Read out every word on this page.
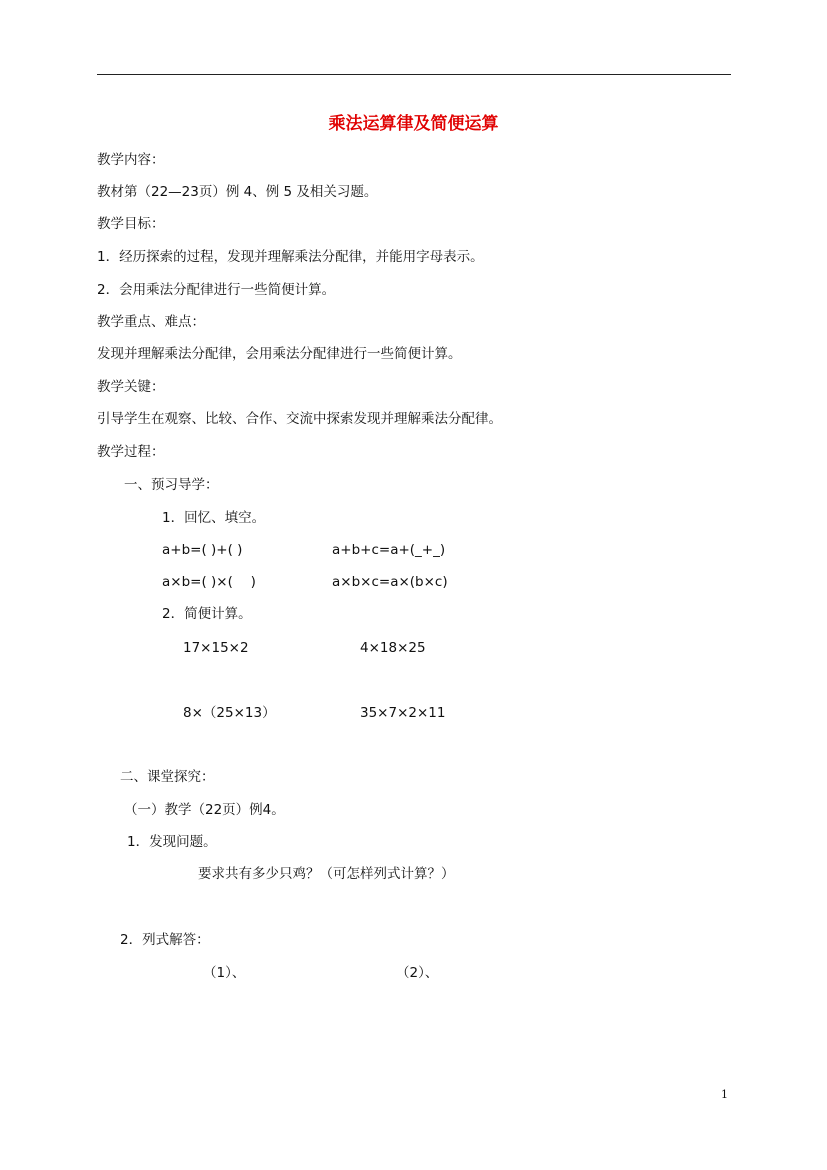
乘法运算律及简便运算
教学内容：
教材第（22—23页）例 4、例 5 及相关习题。
教学目标：
1．经历探索的过程，发现并理解乘法分配律，并能用字母表示。
2．会用乘法分配律进行一些简便计算。
教学重点、难点：
发现并理解乘法分配律，会用乘法分配律进行一些简便计算。
教学关键：
引导学生在观察、比较、合作、交流中探索发现并理解乘法分配律。
教学过程：
一、预习导学：
1．回忆、填空。
a+b=( )+( )	a+b+c=a+(_+_)
a×b=( )×(　 )	a×b×c=a×(b×c)
2．简便计算。
17×15×2	4×18×25
8×（25×13）	35×7×2×11
二、课堂探究：
（一）教学（22页）例4。
1．发现问题。
要求共有多少只鸡？（可怎样列式计算？）
2．列式解答：
（1）、	（2）、
1
